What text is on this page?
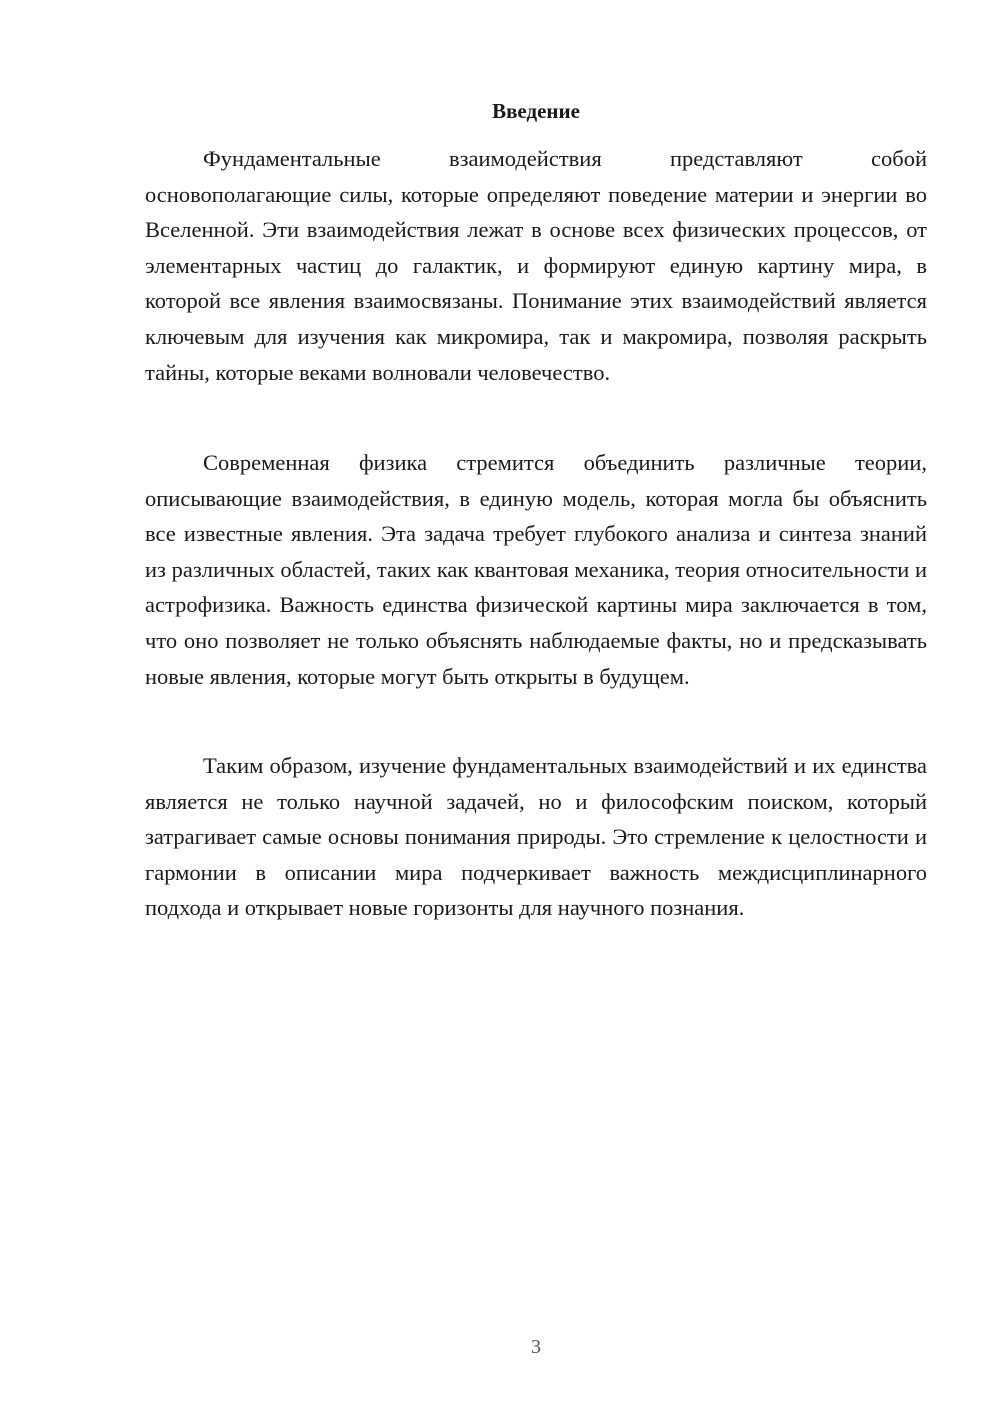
Введение

Фундаментальные взаимодействия представляют собой основополагающие силы, которые определяют поведение материи и энергии во Вселенной. Эти взаимодействия лежат в основе всех физических процессов, от элементарных частиц до галактик, и формируют единую картину мира, в которой все явления взаимосвязаны. Понимание этих взаимодействий является ключевым для изучения как микромира, так и макромира, позволяя раскрыть тайны, которые веками волновали человечество.

Современная физика стремится объединить различные теории, описывающие взаимодействия, в единую модель, которая могла бы объяснить все известные явления. Эта задача требует глубокого анализа и синтеза знаний из различных областей, таких как квантовая механика, теория относительности и астрофизика. Важность единства физической картины мира заключается в том, что оно позволяет не только объяснять наблюдаемые факты, но и предсказывать новые явления, которые могут быть открыты в будущем.

Таким образом, изучение фундаментальных взаимодействий и их единства является не только научной задачей, но и философским поиском, который затрагивает самые основы понимания природы. Это стремление к целостности и гармонии в описании мира подчеркивает важность междисциплинарного подхода и открывает новые горизонты для научного познания.

3
